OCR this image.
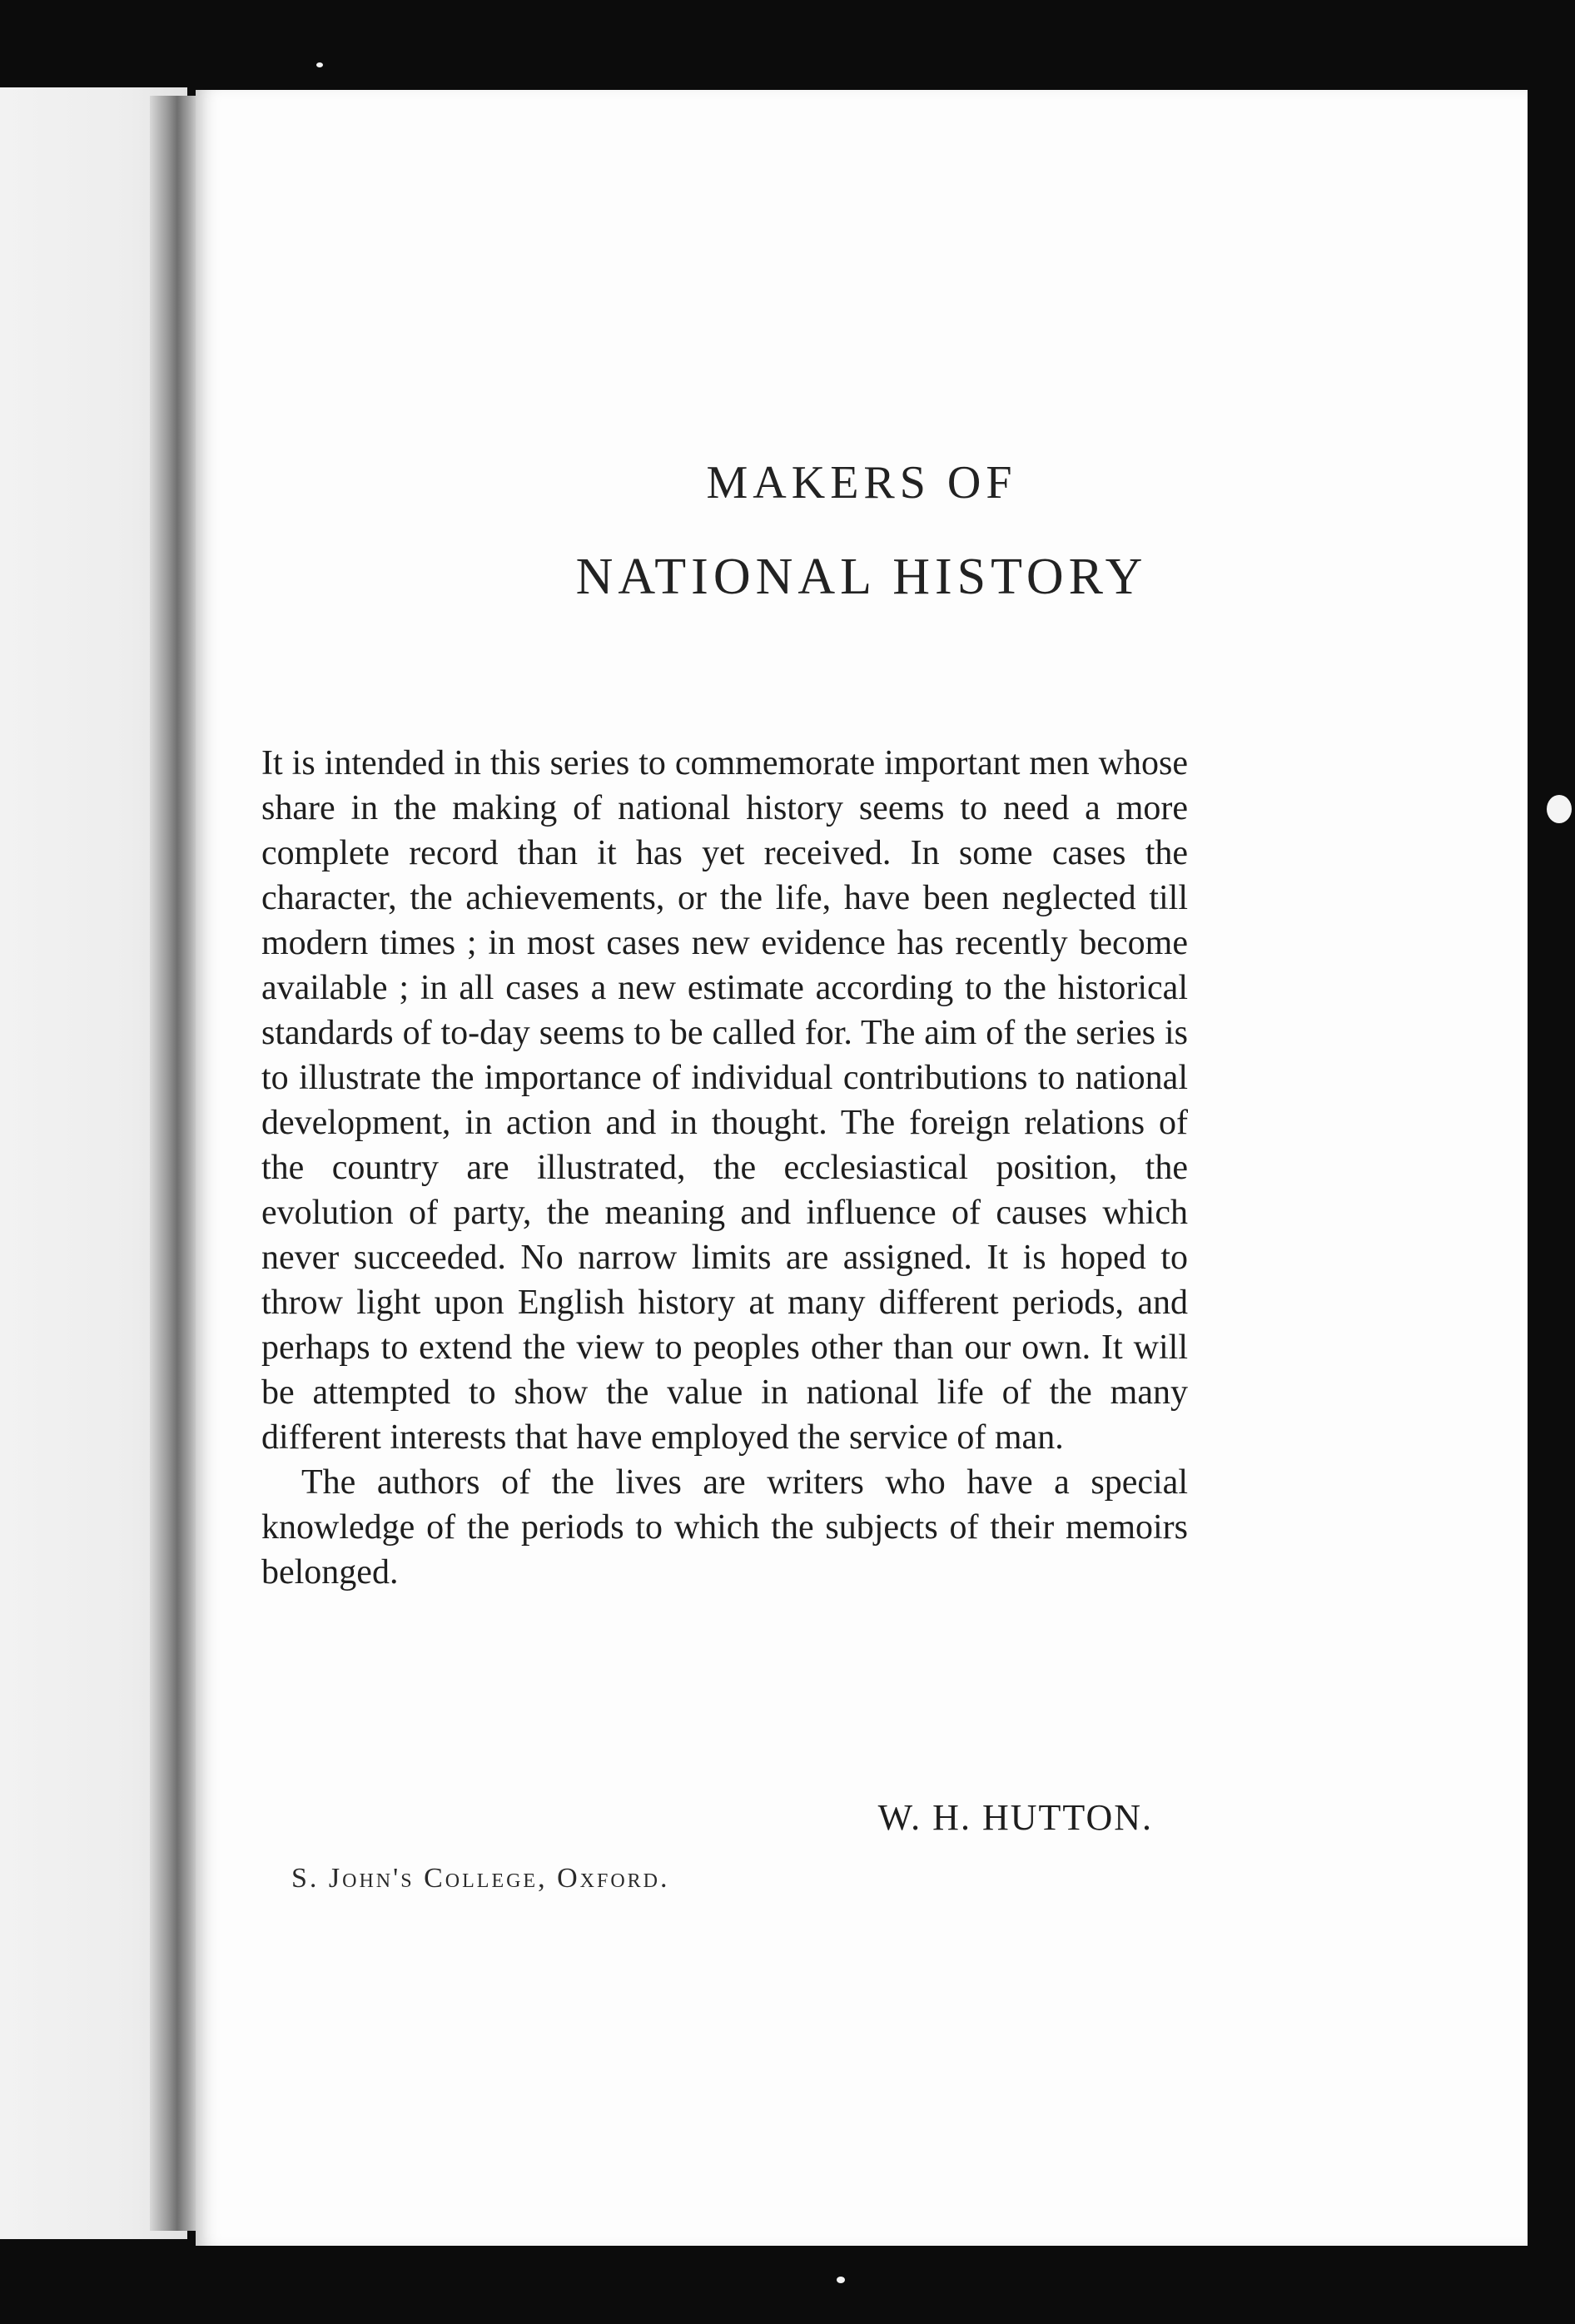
MAKERS OF
NATIONAL HISTORY

It is intended in this series to commemorate important men whose share in the making of national history seems to need a more complete record than it has yet received. In some cases the character, the achievements, or the life, have been neglected till modern times ; in most cases new evidence has recently become available ; in all cases a new estimate according to the historical standards of to-day seems to be called for. The aim of the series is to illustrate the importance of individual contributions to national development, in action and in thought. The foreign relations of the country are illustrated, the ecclesiastical position, the evolution of party, the meaning and influence of causes which never succeeded. No narrow limits are assigned. It is hoped to throw light upon English history at many different periods, and perhaps to extend the view to peoples other than our own. It will be attempted to show the value in national life of the many different interests that have employed the service of man.

The authors of the lives are writers who have a special knowledge of the periods to which the subjects of their memoirs belonged.

W. H. HUTTON.
S. John's College, Oxford.
